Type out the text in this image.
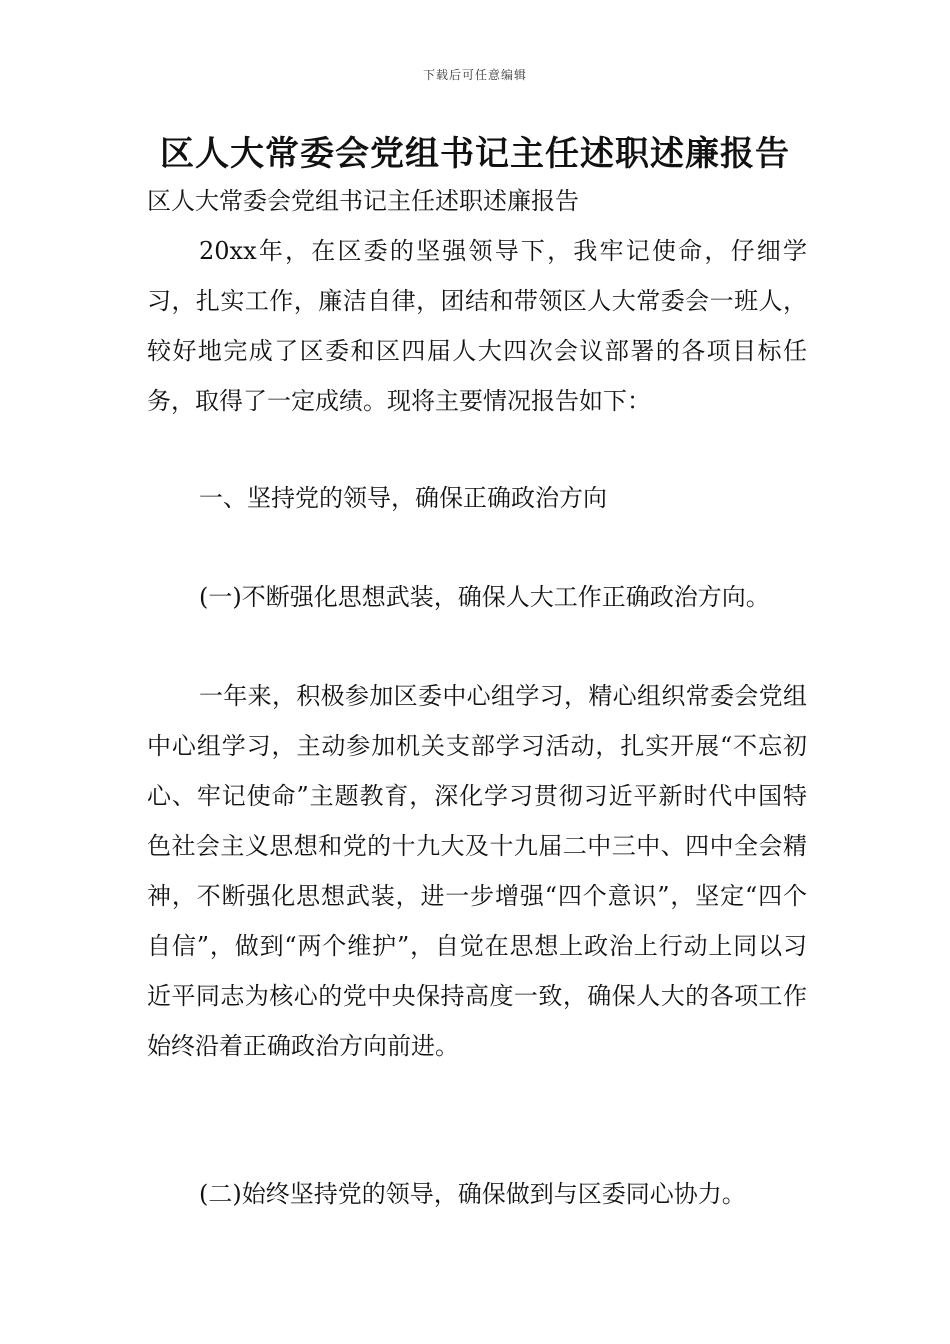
下载后可任意编辑
区人大常委会党组书记主任述职述廉报告
区人大常委会党组书记主任述职述廉报告

20xx年，在区委的坚强领导下，我牢记使命，仔细学习，扎实工作，廉洁自律，团结和带领区人大常委会一班人，较好地完成了区委和区四届人大四次会议部署的各项目标任务，取得了一定成绩。现将主要情况报告如下：

一、坚持党的领导，确保正确政治方向

(一)不断强化思想武装，确保人大工作正确政治方向。

一年来，积极参加区委中心组学习，精心组织常委会党组中心组学习，主动参加机关支部学习活动，扎实开展“不忘初心、牢记使命”主题教育，深化学习贯彻习近平新时代中国特色社会主义思想和党的十九大及十九届二中三中、四中全会精神，不断强化思想武装，进一步增强“四个意识”，坚定“四个自信”，做到“两个维护”，自觉在思想上政治上行动上同以习近平同志为核心的党中央保持高度一致，确保人大的各项工作始终沿着正确政治方向前进。

(二)始终坚持党的领导，确保做到与区委同心协力。
